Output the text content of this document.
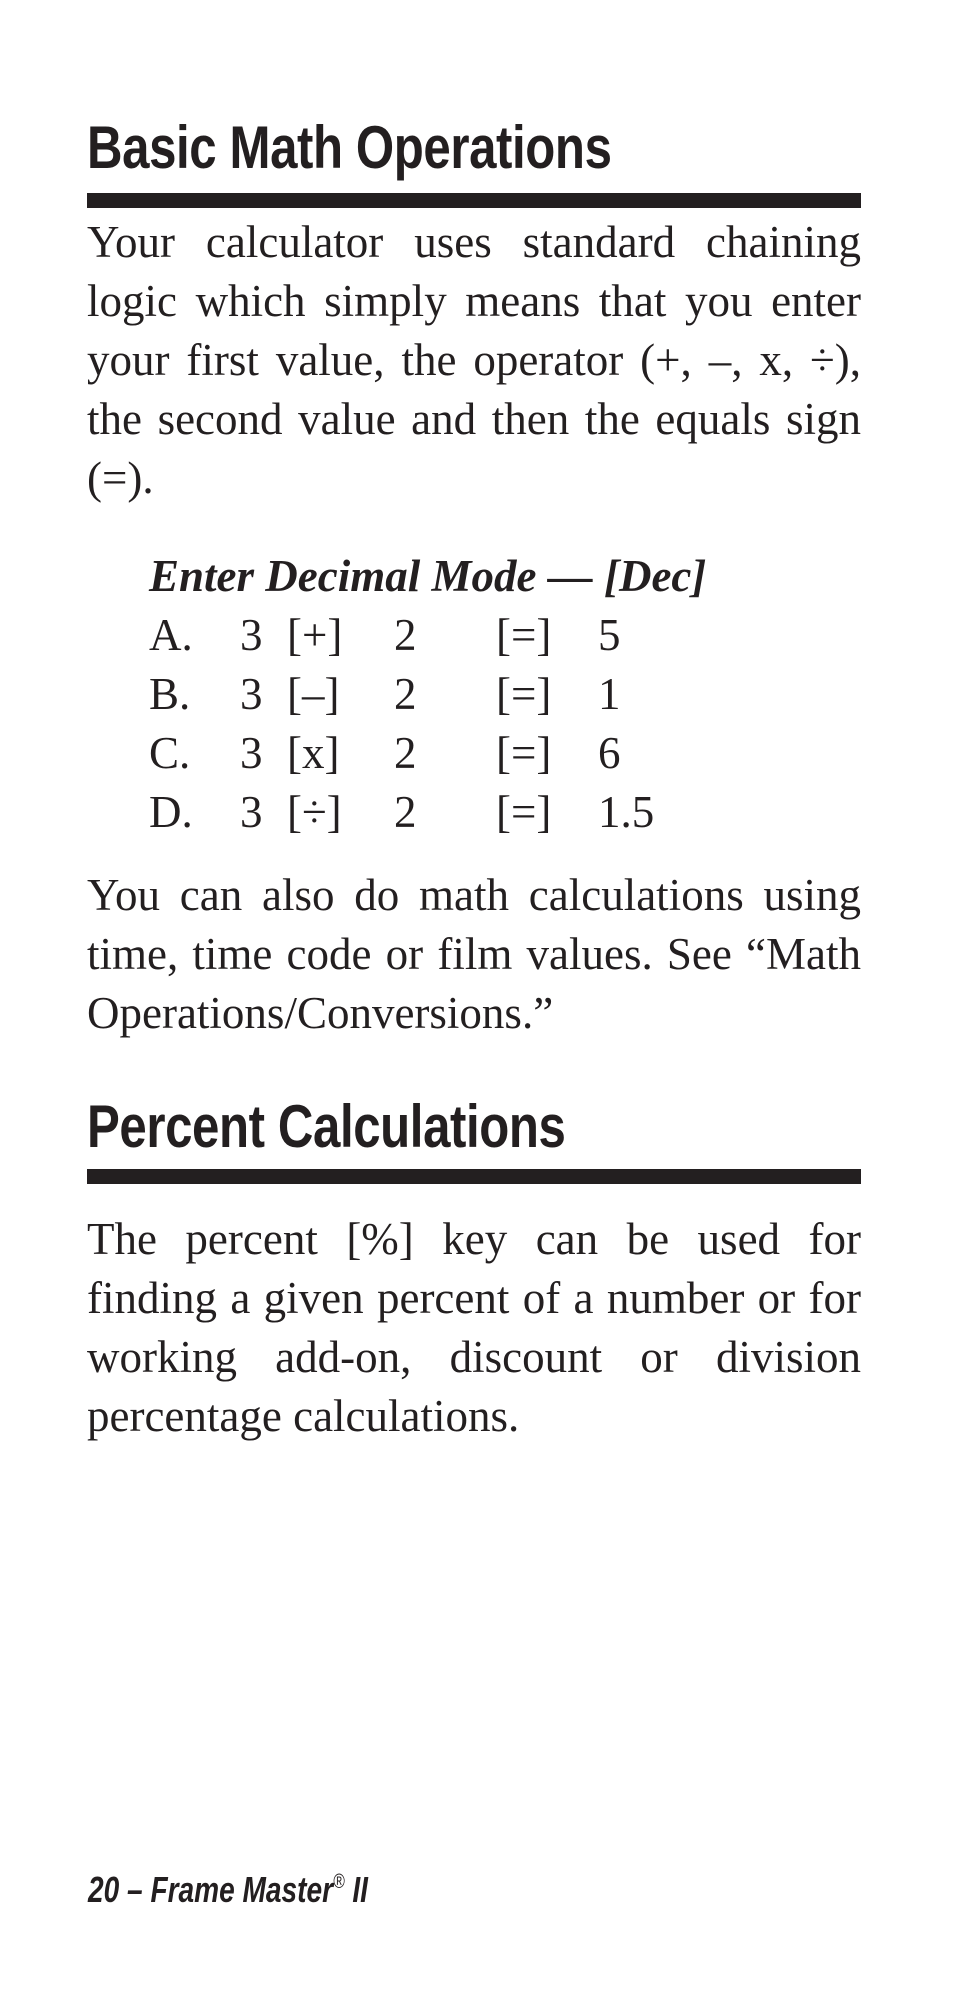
Basic Math Operations

Your calculator uses standard chaining logic which simply means that you enter your first value, the operator (+, –, x, ÷), the second value and then the equals sign (=).

Enter Decimal Mode — [Dec]

A. 3 [+] 2 [=] 5
B. 3 [–] 2 [=] 1
C. 3 [x] 2 [=] 6
D. 3 [÷] 2 [=] 1.5

You can also do math calculations using time, time code or film values. See “Math Operations/Conversions.”

Percent Calculations

The percent [%] key can be used for finding a given percent of a number or for working add-on, discount or division percentage calculations.

20 – Frame Master® II
